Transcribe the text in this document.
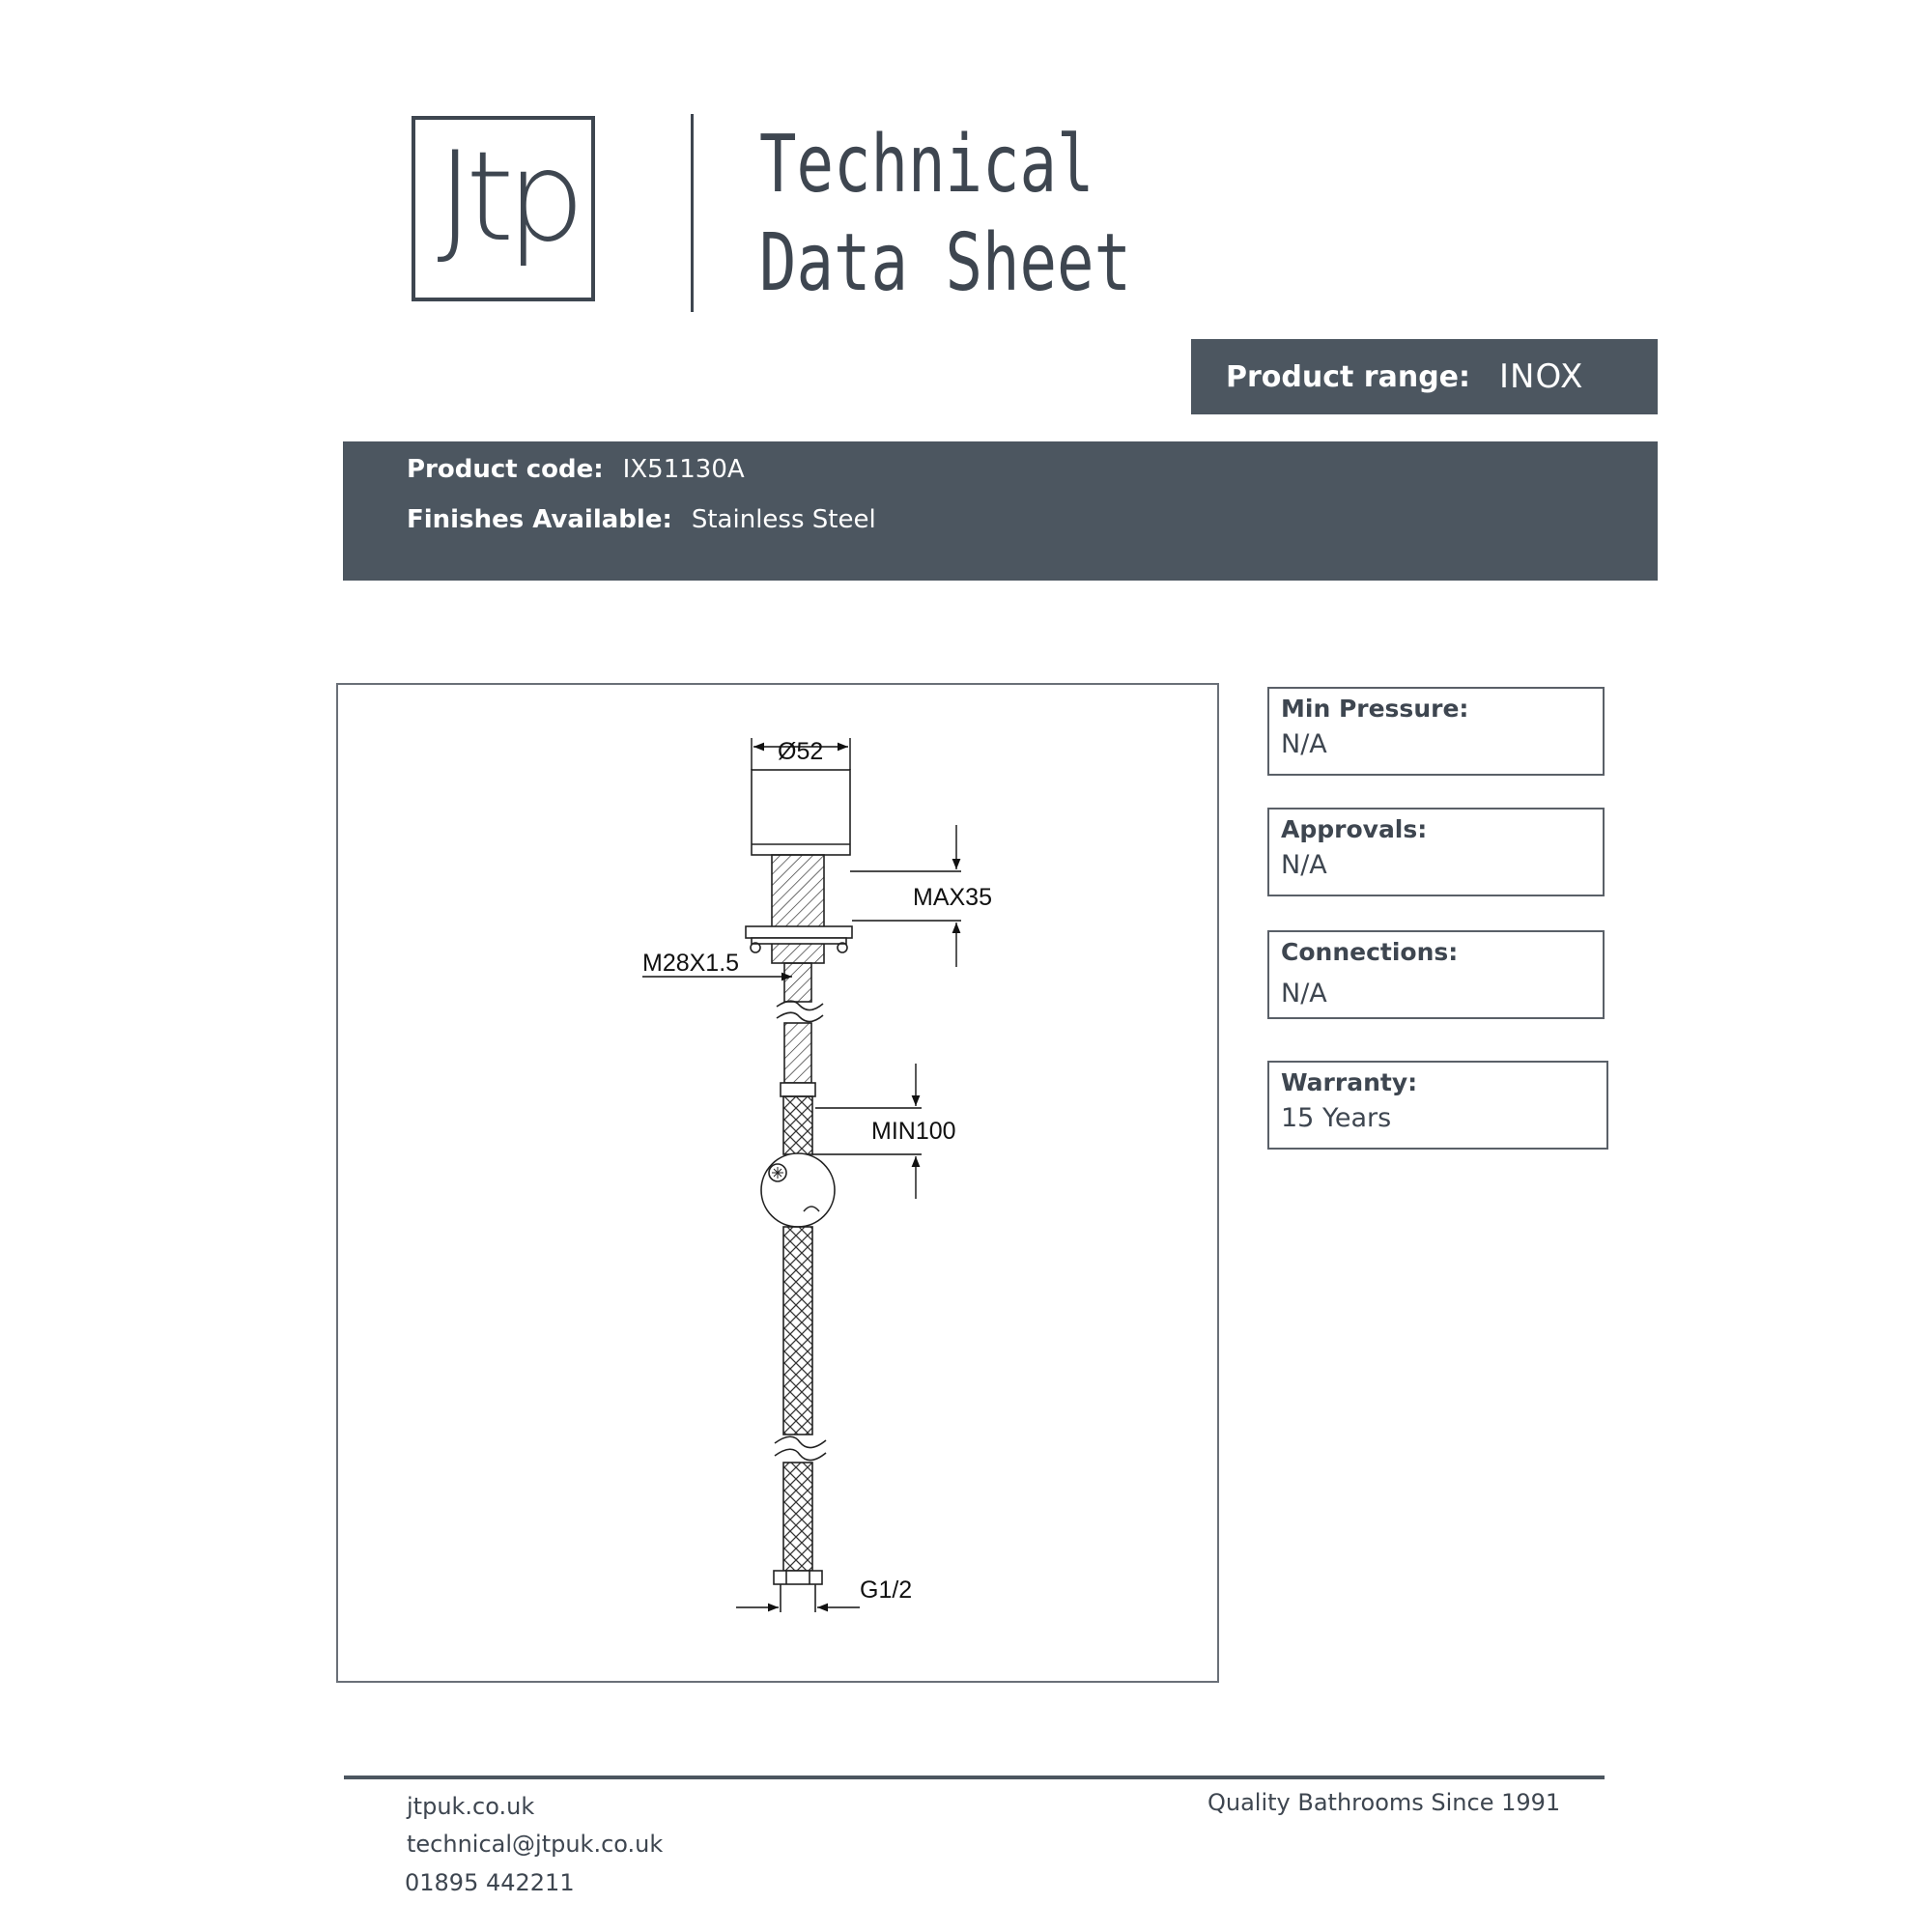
Jtp Technical
Data Sheet
Product range: INOX
Product code: IX51130A
Finishes Available: Stainless Steel
Ø52
MAX35
M28X1.5
MIN100
G1/2
Min Pressure:
N/A
Approvals:
N/A
Connections:
N/A
Warranty:
15 Years
jtpuk.co.uk
technical@jtpuk.co.uk
01895 442211
Quality Bathrooms Since 1991
